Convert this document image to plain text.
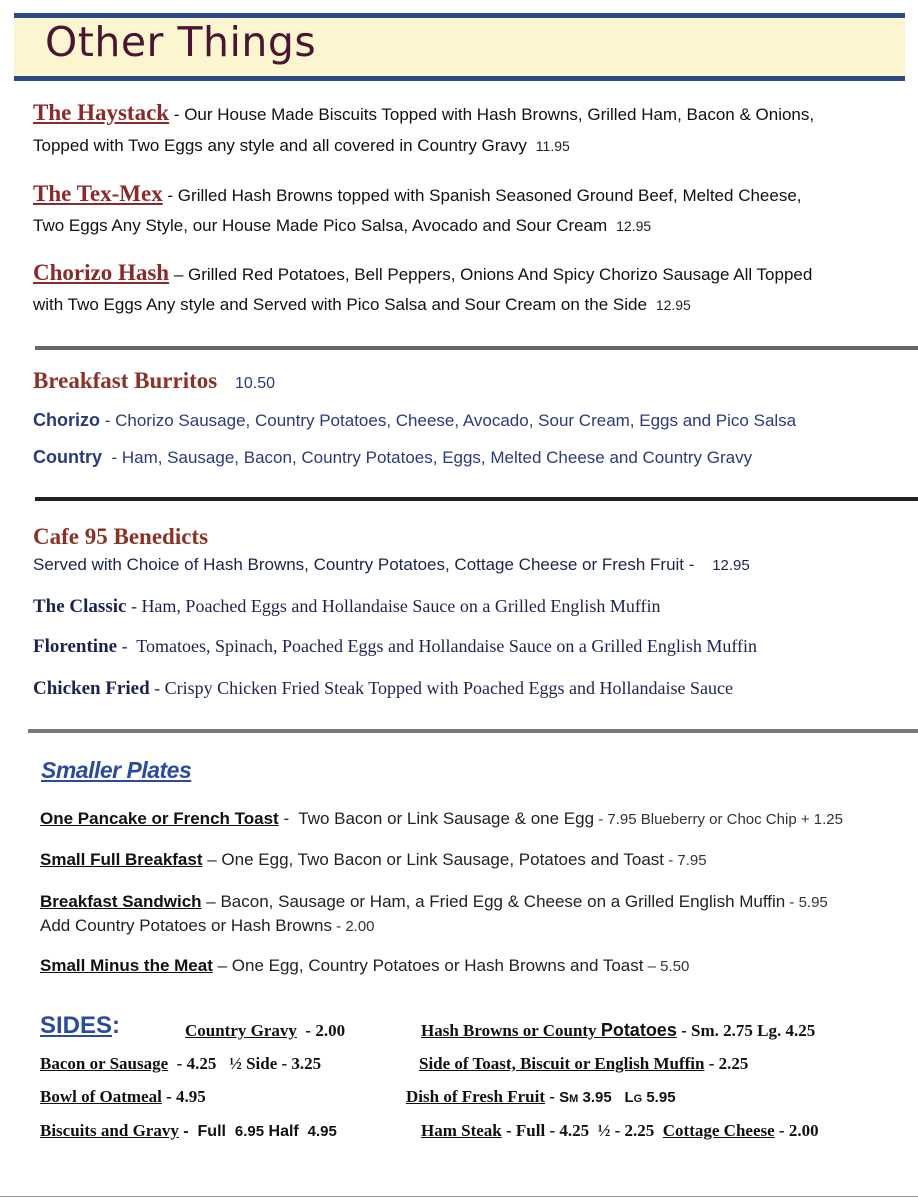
Other Things
The Haystack - Our House Made Biscuits Topped with Hash Browns, Grilled Ham, Bacon & Onions,
Topped with Two Eggs any style and all covered in Country Gravy 11.95
The Tex-Mex - Grilled Hash Browns topped with Spanish Seasoned Ground Beef, Melted Cheese,
Two Eggs Any Style, our House Made Pico Salsa, Avocado and Sour Cream 12.95
Chorizo Hash – Grilled Red Potatoes, Bell Peppers, Onions And Spicy Chorizo Sausage All Topped
with Two Eggs Any style and Served with Pico Salsa and Sour Cream on the Side 12.95
Breakfast Burritos 10.50
Chorizo - Chorizo Sausage, Country Potatoes, Cheese, Avocado, Sour Cream, Eggs and Pico Salsa
Country  - Ham, Sausage, Bacon, Country Potatoes, Eggs, Melted Cheese and Country Gravy
Cafe 95 Benedicts
Served with Choice of Hash Browns, Country Potatoes, Cottage Cheese or Fresh Fruit - 12.95
The Classic - Ham, Poached Eggs and Hollandaise Sauce on a Grilled English Muffin
Florentine -  Tomatoes, Spinach, Poached Eggs and Hollandaise Sauce on a Grilled English Muffin
Chicken Fried - Crispy Chicken Fried Steak Topped with Poached Eggs and Hollandaise Sauce
Smaller Plates
One Pancake or French Toast -  Two Bacon or Link Sausage & one Egg - 7.95 Blueberry or Choc Chip + 1.25
Small Full Breakfast – One Egg, Two Bacon or Link Sausage, Potatoes and Toast - 7.95
Breakfast Sandwich – Bacon, Sausage or Ham, a Fried Egg & Cheese on a Grilled English Muffin - 5.95
Add Country Potatoes or Hash Browns - 2.00
Small Minus the Meat – One Egg, Country Potatoes or Hash Browns and Toast – 5.50
SIDES:	Country Gravy  - 2.00	Hash Browns or County Potatoes - Sm. 2.75 Lg. 4.25
Bacon or Sausage  - 4.25   ½ Side - 3.25	Side of Toast, Biscuit or English Muffin - 2.25
Bowl of Oatmeal - 4.95	Dish of Fresh Fruit - Sm 3.95 Lg 5.95
Biscuits and Gravy -  Full  6.95 Half  4.95	Ham Steak - Full - 4.25  ½ - 2.25  Cottage Cheese - 2.00
